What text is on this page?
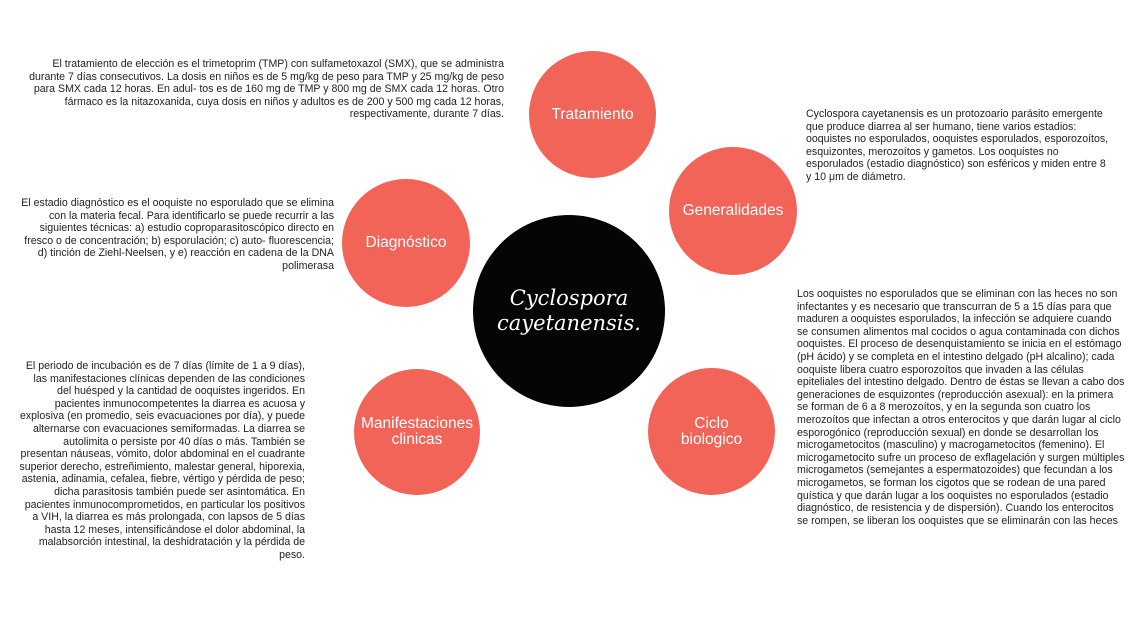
Cyclospora cayetanensis.
Tratamiento
Generalidades
Diagnóstico
Ciclo biologico
Manifestaciones clinicas
El tratamiento de elección es el trimetoprim (TMP) con sulfametoxazol (SMX), que se administra durante 7 días consecutivos. La dosis en niños es de 5 mg/kg de peso para TMP y 25 mg/kg de peso para SMX cada 12 horas. En adul- tos es de 160 mg de TMP y 800 mg de SMX cada 12 horas. Otro fármaco es la nitazoxanida, cuya dosis en niños y adultos es de 200 y 500 mg cada 12 horas, respectivamente, durante 7 días.	Cyclospora cayetanensis es un protozoario parásito emergente que produce diarrea al ser humano, tiene varios estadios: ooquistes no esporulados, ooquistes esporulados, esporozoítos, esquizontes, merozoítos y gametos. Los ooquistes no esporulados (estadio diagnóstico) son esféricos y miden entre 8 y 10 μm de diámetro.
El estadio diagnóstico es el ooquiste no esporulado que se elimina con la materia fecal. Para identificarlo se puede recurrir a las siguientes técnicas: a) estudio coproparasitoscópico directo en fresco o de concentración; b) esporulación; c) auto- fluorescencia; d) tinción de Ziehl-Neelsen, y e) reacción en cadena de la DNA polimerasa
El periodo de incubación es de 7 días (límite de 1 a 9 días), las manifestaciones clínicas dependen de las condiciones del huésped y la cantidad de ooquistes ingeridos. En pacientes inmunocompetentes la diarrea es acuosa y explosiva (en promedio, seis evacuaciones por día), y puede alternarse con evacuaciones semiformadas. La diarrea se autolimita o persiste por 40 días o más. También se presentan náuseas, vómito, dolor abdominal en el cuadrante superior derecho, estreñimiento, malestar general, hiporexia, astenia, adinamia, cefalea, fiebre, vértigo y pérdida de peso; dicha parasitosis también puede ser asintomática. En pacientes inmunocomprometidos, en particular los positivos a VIH, la diarrea es más prolongada, con lapsos de 5 días hasta 12 meses, intensificándose el dolor abdominal, la malabsorción intestinal, la deshidratación y la pérdida de peso.
Los ooquistes no esporulados que se eliminan con las heces no son infectantes y es necesario que transcurran de 5 a 15 días para que maduren a ooquistes esporulados, la infección se adquiere cuando se consumen alimentos mal cocidos o agua contaminada con dichos ooquistes. El proceso de desenquistamiento se inicia en el estómago (pH ácido) y se completa en el intestino delgado (pH alcalino); cada ooquiste libera cuatro esporozoítos que invaden a las células epiteliales del intestino delgado. Dentro de éstas se llevan a cabo dos generaciones de esquizontes (reproducción asexual): en la primera se forman de 6 a 8 merozoítos, y en la segunda son cuatro los merozoítos que infectan a otros enterocitos y que darán lugar al ciclo esporogónico (reproducción sexual) en donde se desarrollan los microgametocitos (masculino) y macrogametocitos (femenino). El microgametocito sufre un proceso de exflagelación y surgen múltiples microgametos (semejantes a espermatozoides) que fecundan a los microgametos, se forman los cigotos que se rodean de una pared quística y que darán lugar a los ooquistes no esporulados (estadio diagnóstico, de resistencia y de dispersión). Cuando los enterocitos se rompen, se liberan los ooquistes que se eliminarán con las heces
